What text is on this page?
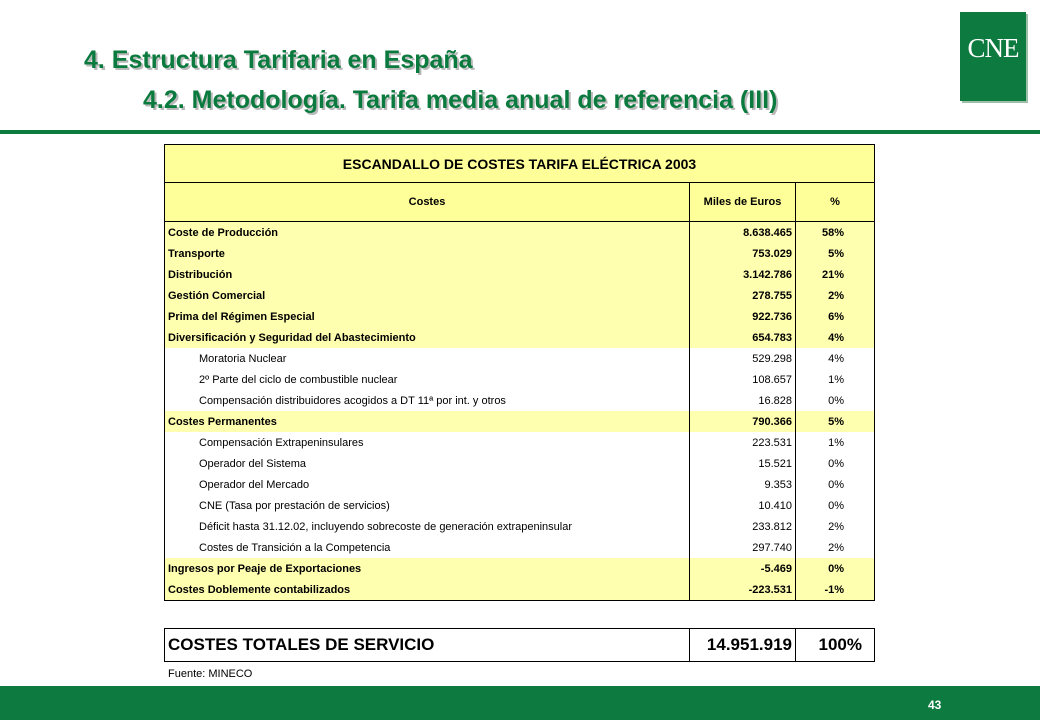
4. Estructura Tarifaria en España
4.2. Metodología. Tarifa media anual de referencia (III)
CNE
ESCANDALLO DE COSTES TARIFA ELÉCTRICA 2003		
Costes	Miles de Euros	%
Coste de Producción	8.638.465	58%
Transporte	753.029	5%
Distribución	3.142.786	21%
Gestión Comercial	278.755	2%
Prima del Régimen Especial	922.736	6%
Diversificación y Seguridad del Abastecimiento	654.783	4%
Moratoria Nuclear	529.298	4%
2º Parte del ciclo de combustible nuclear	108.657	1%
Compensación distribuidores acogidos a DT 11ª por int. y otros	16.828	0%
Costes Permanentes	790.366	5%
Compensación Extrapeninsulares	223.531	1%
Operador del Sistema	15.521	0%
Operador del Mercado	9.353	0%
CNE (Tasa por prestación de servicios)	10.410	0%
Déficit hasta 31.12.02, incluyendo sobrecoste de generación extrapeninsular	233.812	2%
Costes de Transición a la Competencia	297.740	2%
Ingresos por Peaje de Exportaciones	-5.469	0%
Costes Doblemente contabilizados	-223.531	-1%
COSTES TOTALES DE SERVICIO	14.951.919	100%
Fuente: MINECO
43
